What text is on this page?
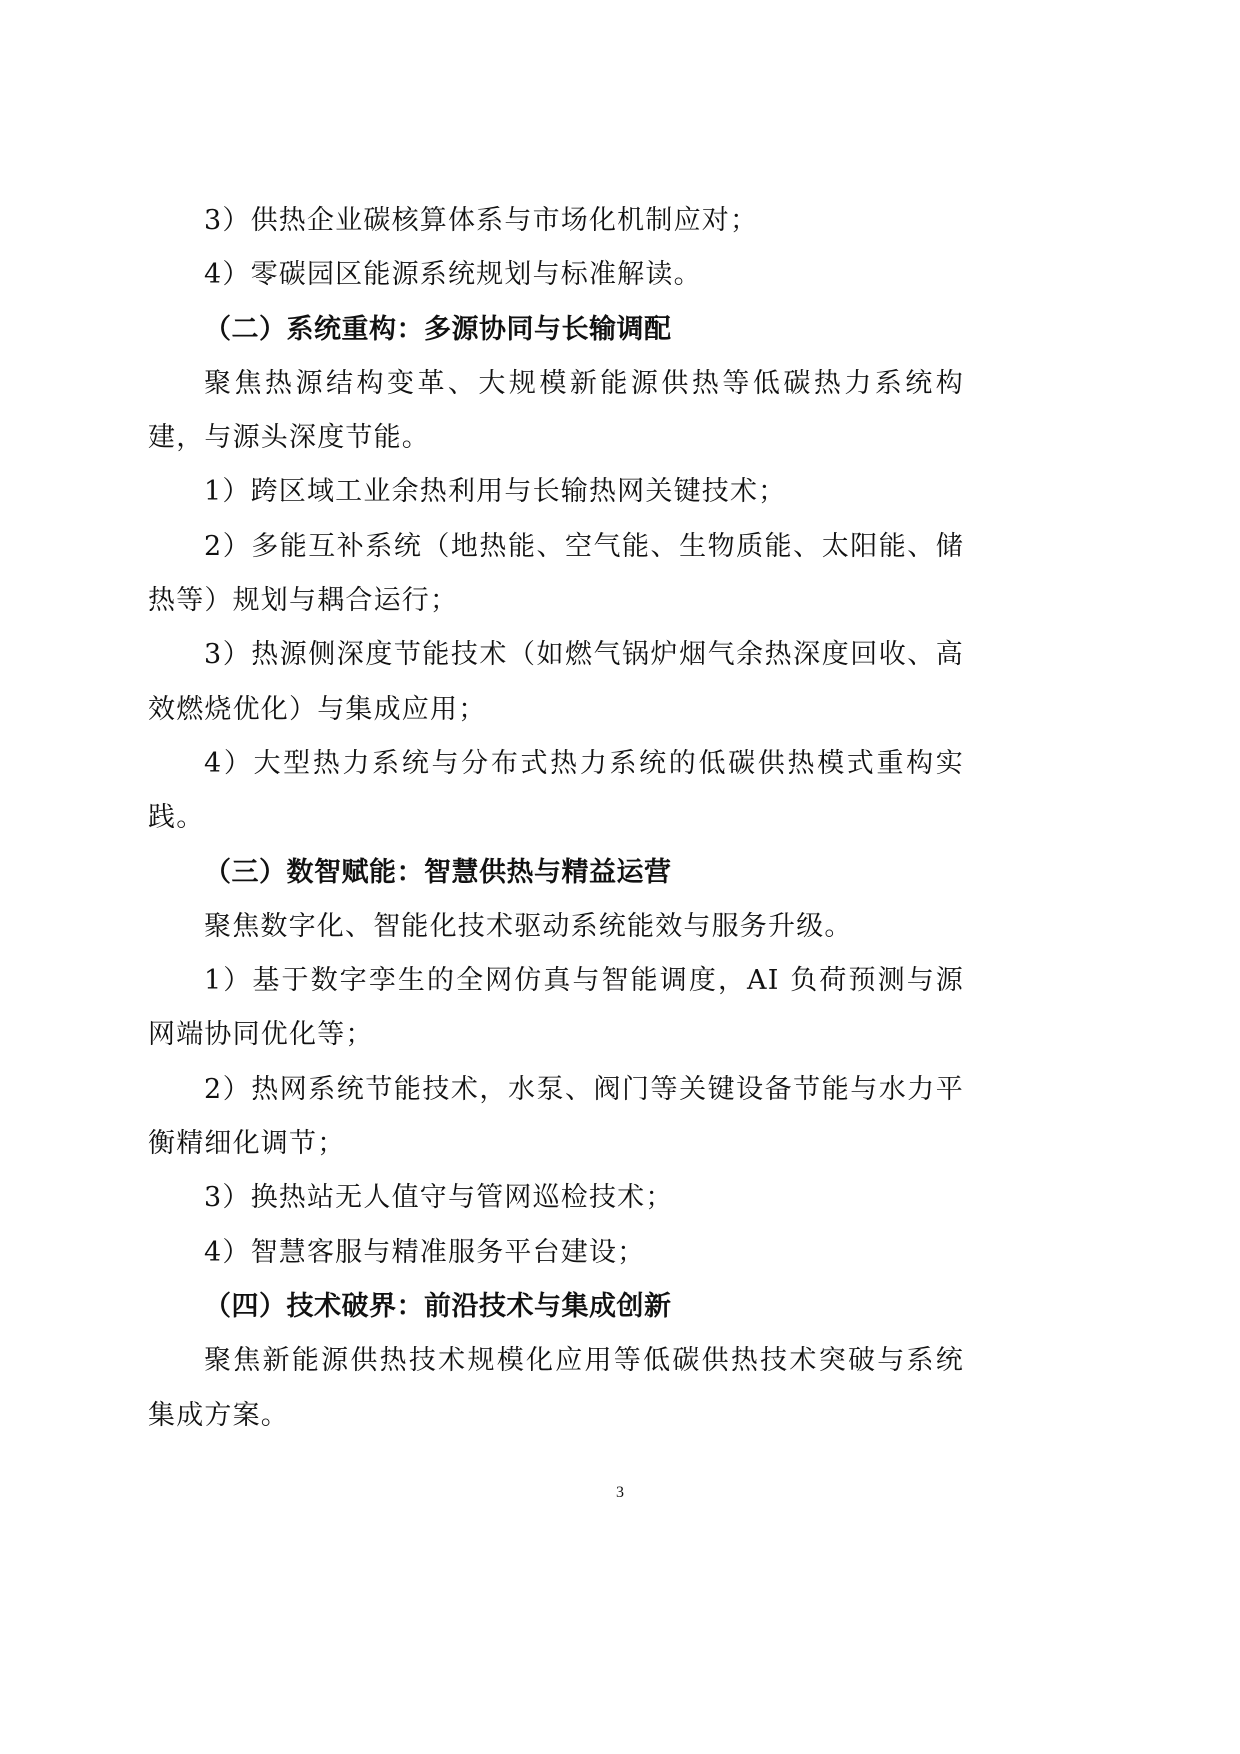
3）供热企业碳核算体系与市场化机制应对；

4）零碳园区能源系统规划与标准解读。

（二）系统重构：多源协同与长输调配

聚焦热源结构变革、大规模新能源供热等低碳热力系统构建，与源头深度节能。

1）跨区域工业余热利用与长输热网关键技术；

2）多能互补系统（地热能、空气能、生物质能、太阳能、储热等）规划与耦合运行；

3）热源侧深度节能技术（如燃气锅炉烟气余热深度回收、高效燃烧优化）与集成应用；

4）大型热力系统与分布式热力系统的低碳供热模式重构实践。

（三）数智赋能：智慧供热与精益运营

聚焦数字化、智能化技术驱动系统能效与服务升级。

1）基于数字孪生的全网仿真与智能调度，AI 负荷预测与源网端协同优化等；

2）热网系统节能技术，水泵、阀门等关键设备节能与水力平衡精细化调节；

3）换热站无人值守与管网巡检技术；

4）智慧客服与精准服务平台建设；

（四）技术破界：前沿技术与集成创新

聚焦新能源供热技术规模化应用等低碳供热技术突破与系统集成方案。

3
